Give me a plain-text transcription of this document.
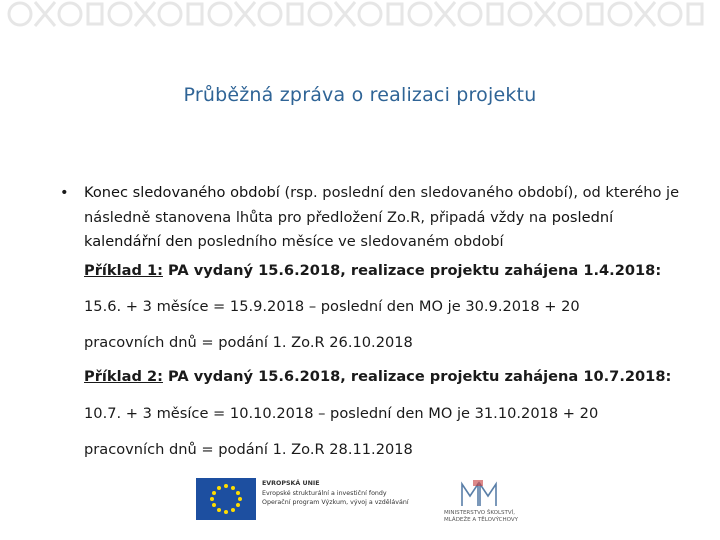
Průběžná zpráva o realizaci projektu
• Konec sledovaného období (rsp. poslední den sledovaného období), od kterého je následně stanovena lhůta pro předložení Zo.R, připadá vždy na poslední kalendářní den posledního měsíce ve sledovaném období
Příklad 1: PA vydaný 15.6.2018, realizace projektu zahájena 1.4.2018:
15.6. + 3 měsíce = 15.9.2018 – poslední den MO je 30.9.2018 + 20
pracovních dnů = podání 1. Zo.R 26.10.2018
Příklad 2: PA vydaný 15.6.2018, realizace projektu zahájena 10.7.2018:
10.7. + 3 měsíce = 10.10.2018 – poslední den MO je 31.10.2018 + 20
pracovních dnů = podání 1. Zo.R 28.11.2018
EVROPSKÁ UNIE
Evropské strukturální a investiční fondy
Operační program Výzkum, vývoj a vzdělávání
MINISTERSTVO ŠKOLSTVÍ, MLÁDEŽE A TĚLOVÝCHOVY
